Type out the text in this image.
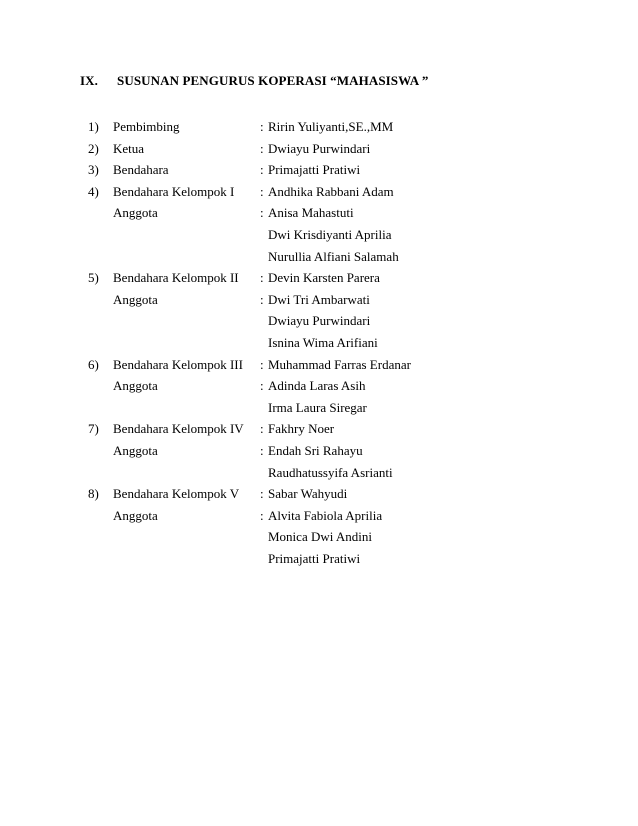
IX. SUSUNAN PENGURUS KOPERASI “MAHASISWA ”
1) Pembimbing	: Ririn Yuliyanti,SE.,MM
2) Ketua	: Dwiayu Purwindari
3) Bendahara	: Primajatti Pratiwi
4) Bendahara Kelompok I : Andhika Rabbani Adam
Anggota	: Anisa Mahastuti
Dwi Krisdiyanti Aprilia
Nurullia Alfiani Salamah
5) Bendahara Kelompok II : Devin Karsten Parera
Anggota	: Dwi Tri Ambarwati
Dwiayu Purwindari
Isnina Wima Arifiani
6) Bendahara Kelompok III : Muhammad Farras Erdanar
Anggota	: Adinda Laras Asih
Irma Laura Siregar
7) Bendahara Kelompok IV : Fakhry Noer
Anggota	: Endah Sri Rahayu
Raudhatussyifa Asrianti
8) Bendahara Kelompok V : Sabar Wahyudi
Anggota	: Alvita Fabiola Aprilia
Monica Dwi Andini
Primajatti Pratiwi
